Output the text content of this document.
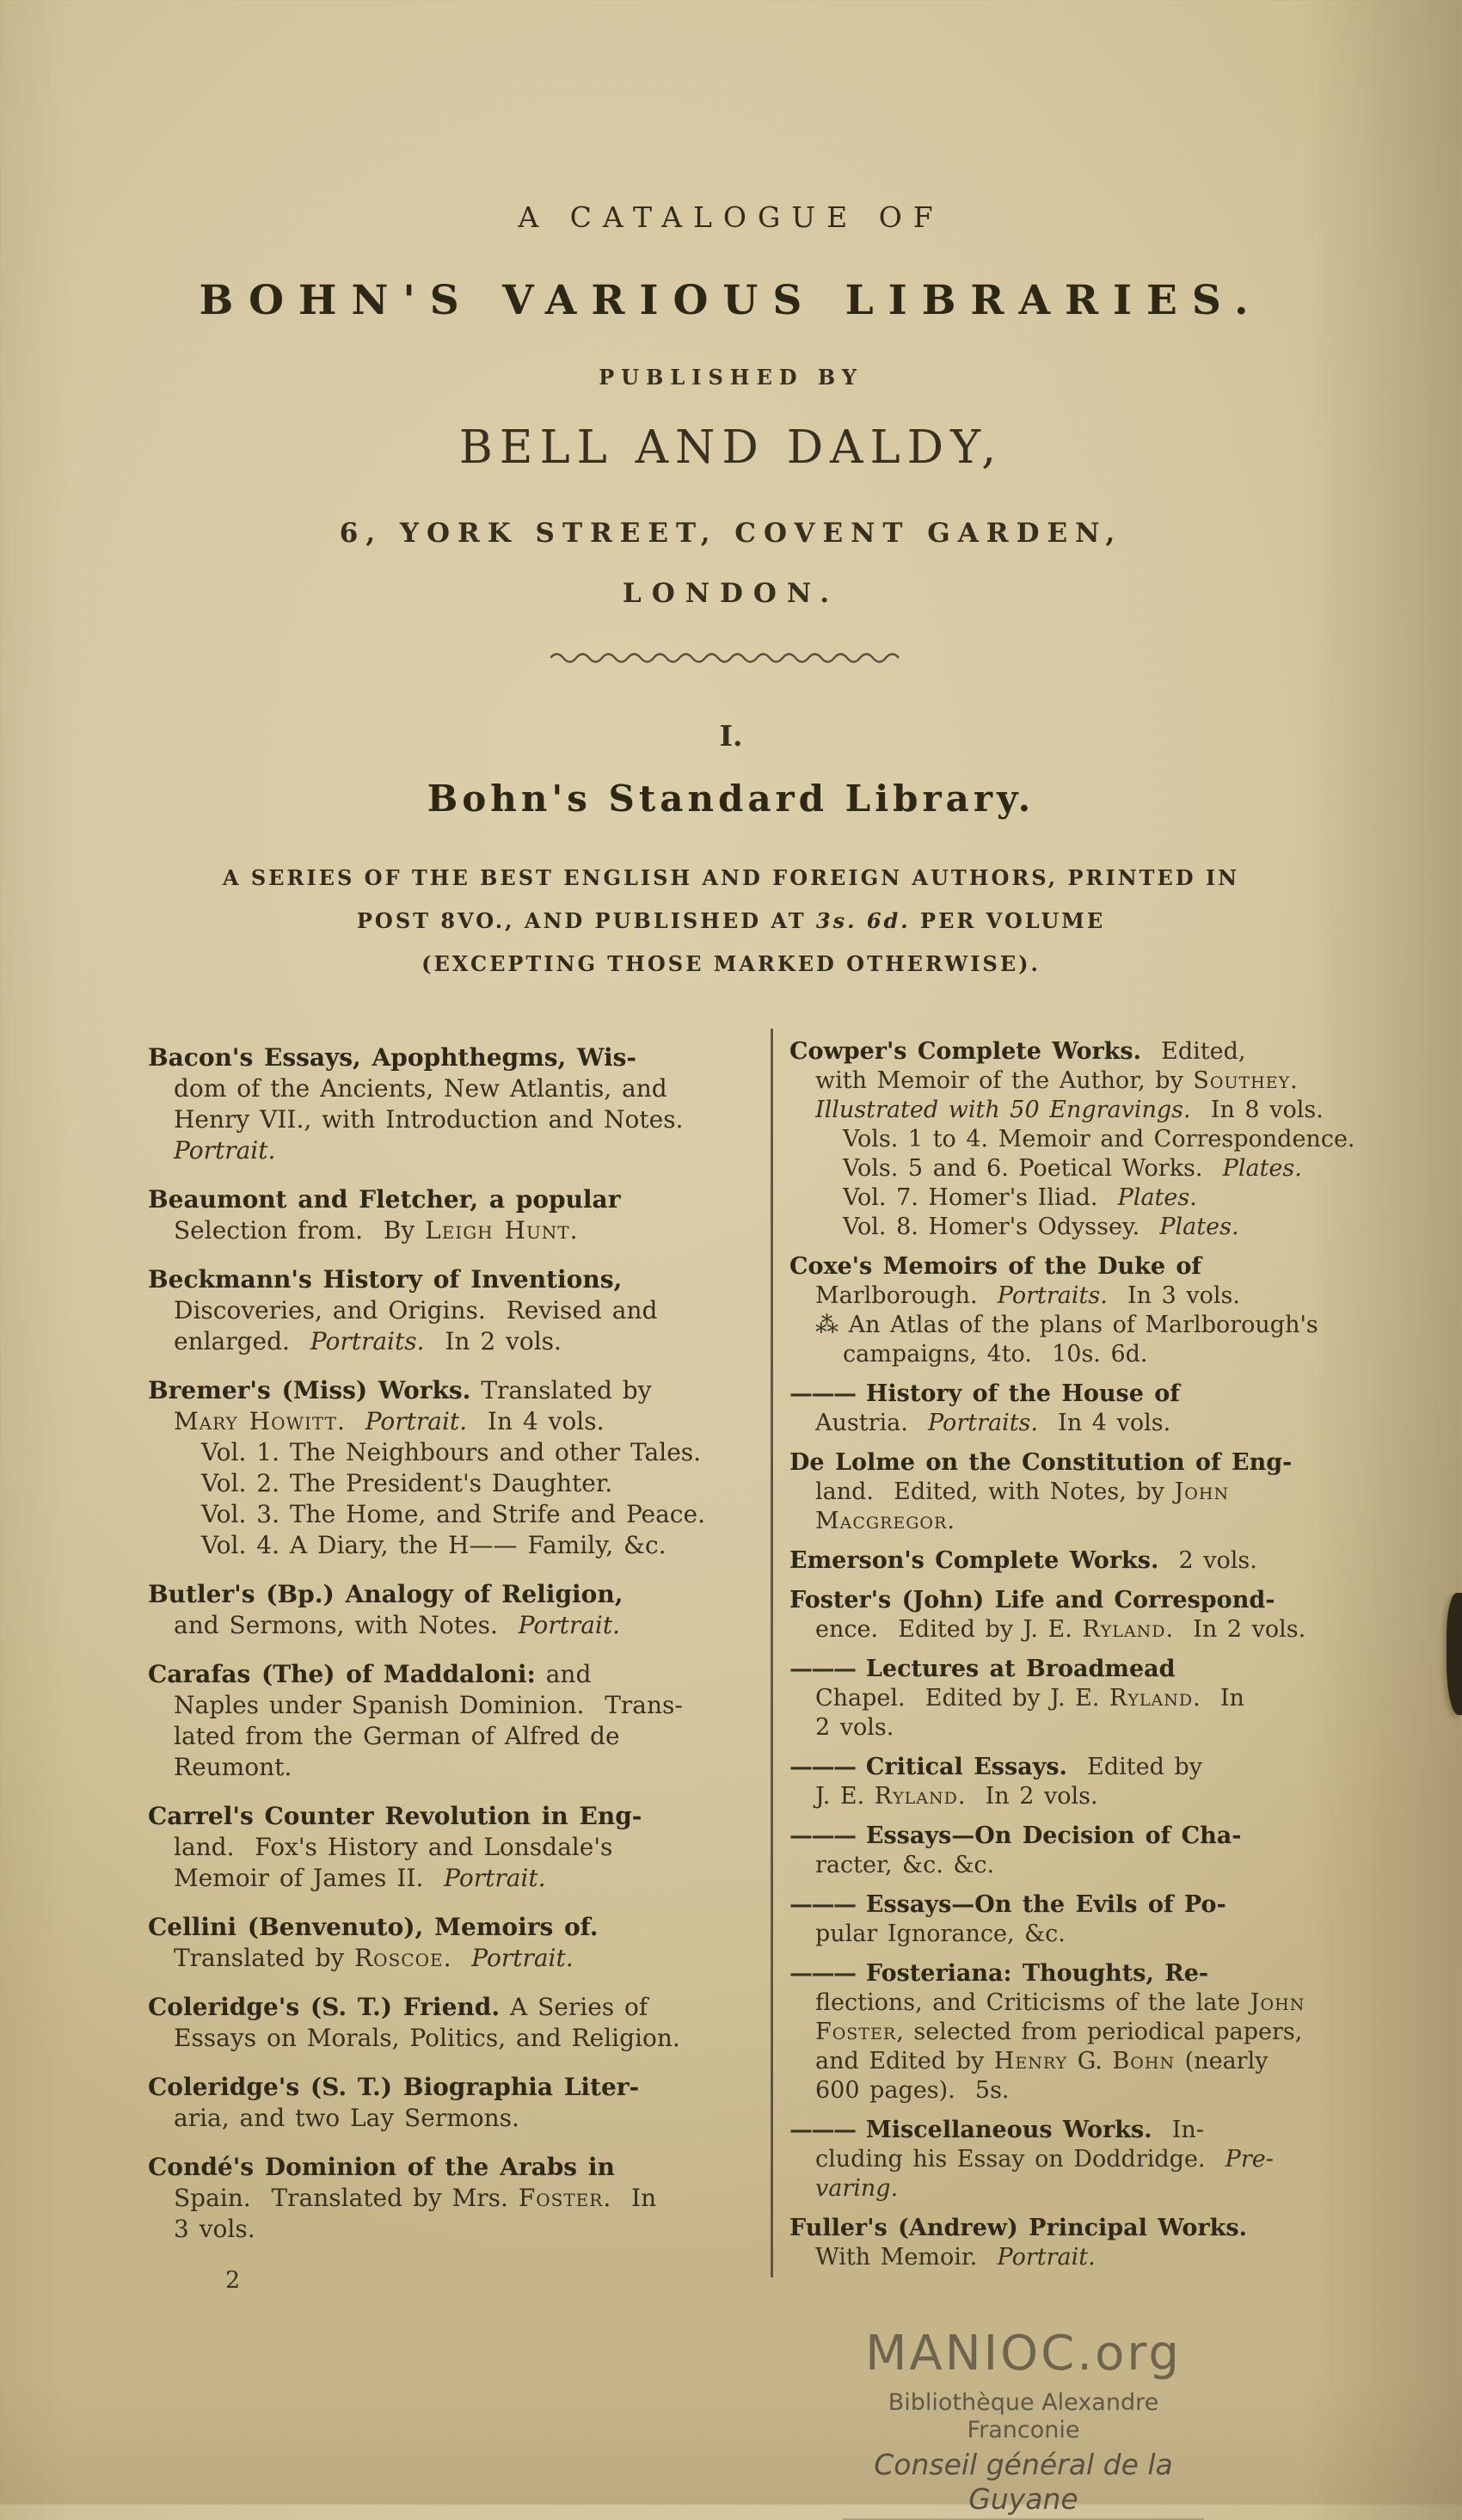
A CATALOGUE OF
BOHN'S VARIOUS LIBRARIES.
PUBLISHED BY
BELL AND DALDY,
6, YORK STREET, COVENT GARDEN,
LONDON.
I.
Bohn's Standard Library.
A SERIES OF THE BEST ENGLISH AND FOREIGN AUTHORS, PRINTED IN
POST 8VO., AND PUBLISHED AT 3s. 6d. PER VOLUME
(EXCEPTING THOSE MARKED OTHERWISE).
Bacon's Essays, Apophthegms, Wis-
dom of the Ancients, New Atlantis, and
Henry VII., with Introduction and Notes.
Portrait.
Beaumont and Fletcher, a popular
Selection from.  By Leigh Hunt.
Beckmann's History of Inventions,
Discoveries, and Origins.  Revised and
enlarged.  Portraits.  In 2 vols.
Bremer's (Miss) Works. Translated by
Mary Howitt.  Portrait.  In 4 vols.
Vol. 1. The Neighbours and other Tales.
Vol. 2. The President's Daughter.
Vol. 3. The Home, and Strife and Peace.
Vol. 4. A Diary, the H—— Family, &c.
Butler's (Bp.) Analogy of Religion,
and Sermons, with Notes.  Portrait.
Carafas (The) of Maddaloni: and
Naples under Spanish Dominion.  Trans-
lated from the German of Alfred de
Reumont.
Carrel's Counter Revolution in Eng-
land.  Fox's History and Lonsdale's
Memoir of James II.  Portrait.
Cellini (Benvenuto), Memoirs of.
Translated by Roscoe.  Portrait.
Coleridge's (S. T.) Friend. A Series of
Essays on Morals, Politics, and Religion.
Coleridge's (S. T.) Biographia Liter-
aria, and two Lay Sermons.
Condé's Dominion of the Arabs in
Spain.  Translated by Mrs. Foster.  In
3 vols.
Cowper's Complete Works.  Edited,
with Memoir of the Author, by Southey.
Illustrated with 50 Engravings.  In 8 vols.
Vols. 1 to 4. Memoir and Correspondence.
Vols. 5 and 6. Poetical Works.  Plates.
Vol. 7. Homer's Iliad.  Plates.
Vol. 8. Homer's Odyssey.  Plates.
Coxe's Memoirs of the Duke of
Marlborough.  Portraits.  In 3 vols.
⁂ An Atlas of the plans of Marlborough's
campaigns, 4to.  10s. 6d.
——— History of the House of
Austria.  Portraits.  In 4 vols.
De Lolme on the Constitution of Eng-
land.  Edited, with Notes, by John
Macgregor.
Emerson's Complete Works.  2 vols.
Foster's (John) Life and Correspond-
ence.  Edited by J. E. Ryland.  In 2 vols.
——— Lectures at Broadmead
Chapel.  Edited by J. E. Ryland.  In
2 vols.
——— Critical Essays.  Edited by
J. E. Ryland.  In 2 vols.
——— Essays—On Decision of Cha-
racter, &c. &c.
——— Essays—On the Evils of Po-
pular Ignorance, &c.
——— Fosteriana: Thoughts, Re-
flections, and Criticisms of the late John
Foster, selected from periodical papers,
and Edited by Henry G. Bohn (nearly
600 pages).  5s.
——— Miscellaneous Works.  In-
cluding his Essay on Doddridge.  Pre-
varing.
Fuller's (Andrew) Principal Works.
With Memoir.  Portrait.
2
MANIOC.org
Bibliothèque Alexandre Franconie
Conseil général de la Guyane
